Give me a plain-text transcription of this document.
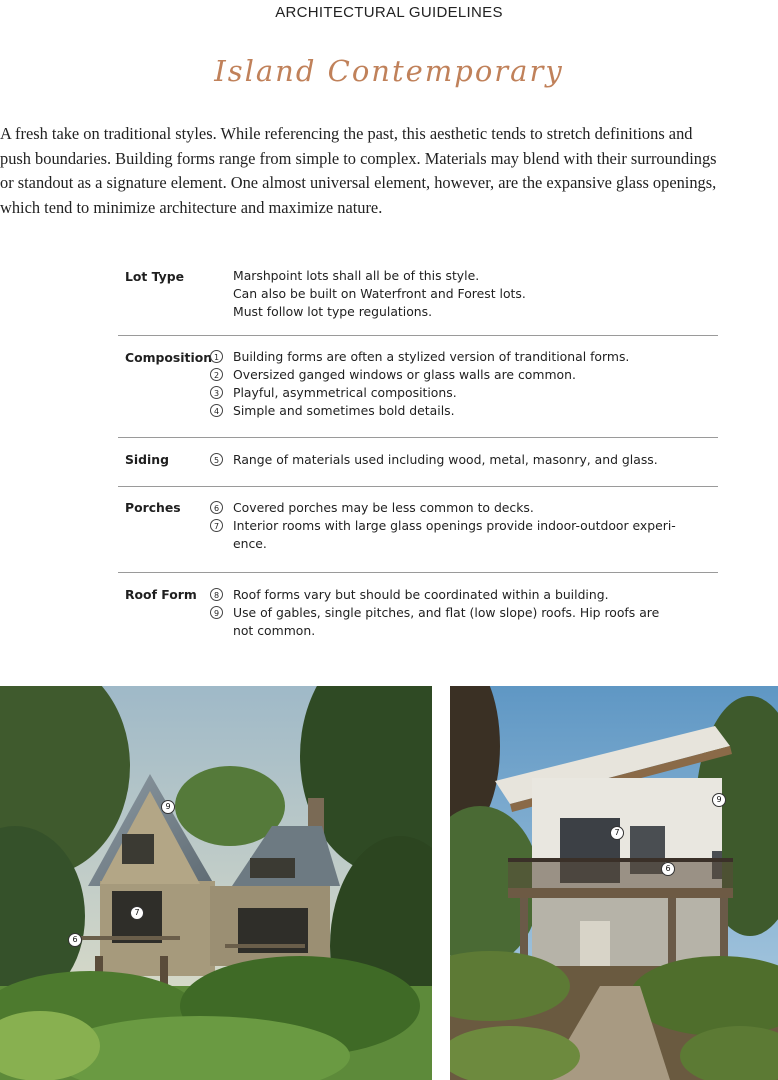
ARCHITECTURAL GUIDELINES
Island Contemporary
A fresh take on traditional styles. While referencing the past, this aesthetic tends to stretch definitions and
push boundaries. Building forms range from simple to complex. Materials may blend with their surroundings
or standout as a signature element. One almost universal element, however, are the expansive glass openings,
which tend to minimize architecture and maximize nature.
Lot Type	Marshpoint lots shall all be of this style.
Can also be built on Waterfront and Forest lots.
Must follow lot type regulations.
Composition 1	Building forms are often a stylized version of tranditional forms.
2	Oversized ganged windows or glass walls are common.
3	Playful, asymmetrical compositions.
4	Simple and sometimes bold details.
Siding	5	Range of materials used including wood, metal, masonry, and glass.
Porches	6	Covered porches may be less common to decks.
7	Interior rooms with large glass openings provide indoor-outdoor experi-
ence.
Roof Form	8	Roof forms vary but should be coordinated within a building.
9	Use of gables, single pitches, and flat (low slope) roofs. Hip roofs are
not common.
9
7
6
9
7
6
